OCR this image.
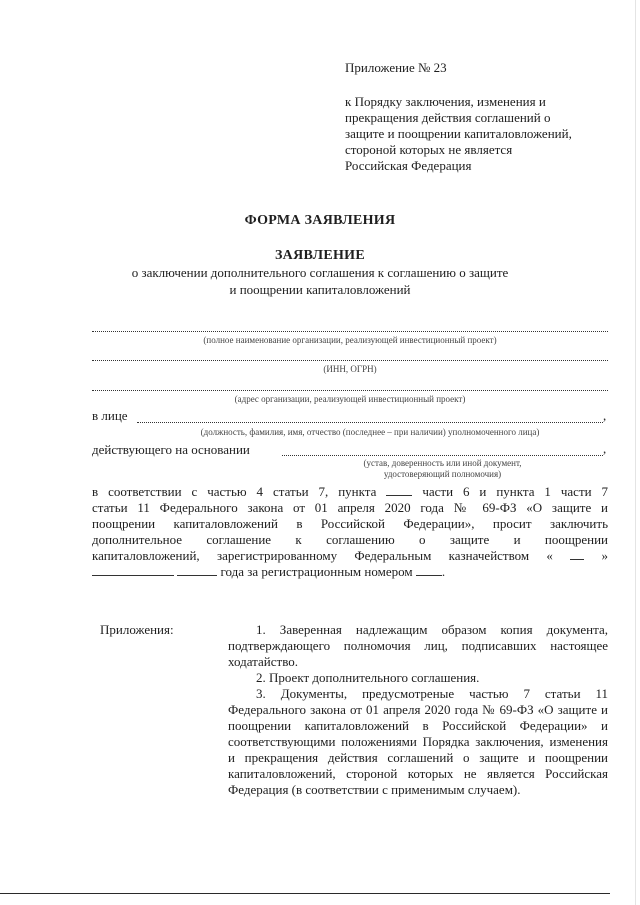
Приложение № 23
к Порядку заключения, изменения и
прекращения действия соглашений о
защите и поощрении капиталовложений,
стороной которых не является
Российская Федерация
ФОРМА ЗАЯВЛЕНИЯ
ЗАЯВЛЕНИЕ
о заключении дополнительного соглашения к соглашению о защите
и поощрении капиталовложений
(полное наименование организации, реализующей инвестиционный проект)
(ИНН, ОГРН)
(адрес организации, реализующей инвестиционный проект)
в лице	,
(должность, фамилия, имя, отчество (последнее – при наличии) уполномоченного лица)
действующего на основании	,
(устав, доверенность или иной документ,
удостоверяющий полномочия)
в соответствии с частью 4 статьи 7, пункта	части 6 и пункта 1 части 7
статьи 11 Федерального закона от 01 апреля 2020 года № 69-ФЗ «О защите и
поощрении капиталовложений в Российской Федерации», просит заключить
дополнительное соглашение к соглашению о защите и поощрении
капиталовложений, зарегистрированному Федеральным казначейством «	»
года за регистрационным номером .
Приложения:	1. Заверенная надлежащим образом копия документа, подтверждающего полномочия лиц, подписавших настоящее ходатайство.
2. Проект дополнительного соглашения.
3. Документы, предусмотреные частью 7 статьи 11 Федерального закона от 01 апреля 2020 года № 69-ФЗ «О защите и поощрении капиталовложений в Российской Федерации» и соответствующими положениями Порядка заключения, изменения и прекращения действия соглашений о защите и поощрении капиталовложений, стороной которых не является Российская Федерация (в соответствии с применимым случаем).
